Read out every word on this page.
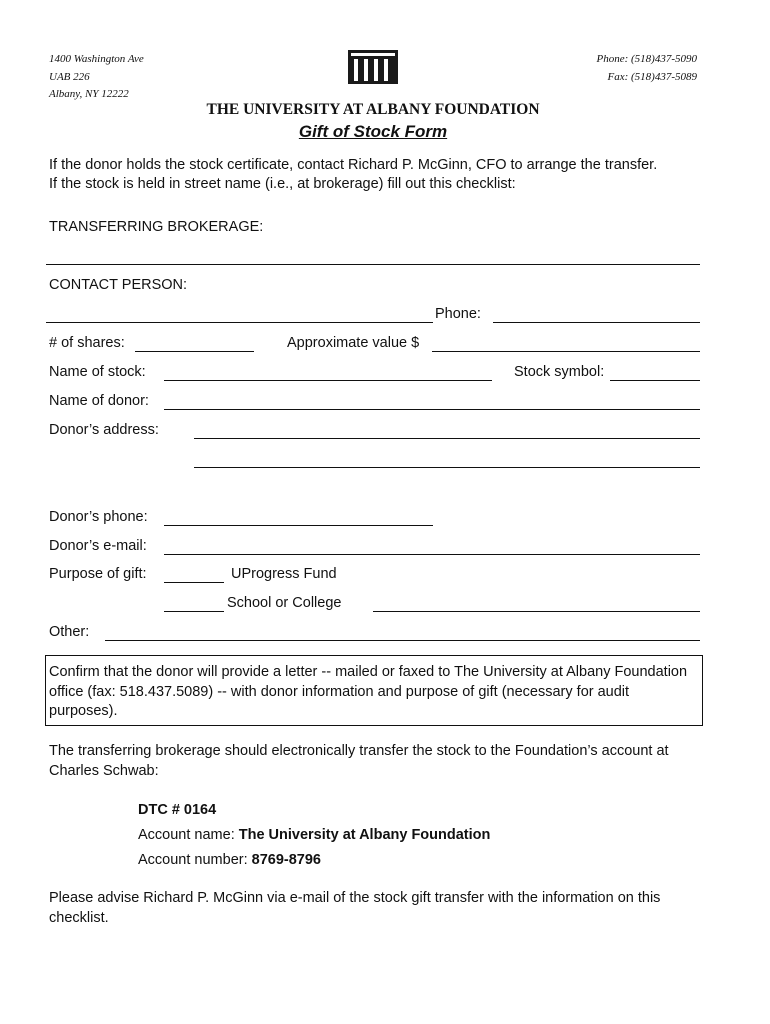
1400 Washington Ave
UAB 226
Albany, NY 12222
Phone: (518)437-5090
Fax: (518)437-5089
THE UNIVERSITY AT ALBANY FOUNDATION
Gift of Stock Form
If the donor holds the stock certificate, contact Richard P. McGinn, CFO to arrange the transfer.
If the stock is held in street name (i.e., at brokerage) fill out this checklist:
TRANSFERRING BROKERAGE:
CONTACT PERSON:
Phone:
# of shares:	Approximate value $
Name of stock:	Stock symbol:
Name of donor:
Donor’s address:
Donor’s phone:
Donor’s e-mail:
Purpose of gift:	UProgress Fund
School or College
Other:
Confirm that the donor will provide a letter -- mailed or faxed to The University at Albany Foundation office (fax: 518.437.5089) -- with donor information and purpose of gift (necessary for audit purposes).
The transferring brokerage should electronically transfer the stock to the Foundation’s account at Charles Schwab:
DTC # 0164
Account name: The University at Albany Foundation
Account number: 8769-8796
Please advise Richard P. McGinn via e-mail of the stock gift transfer with the information on this checklist.
